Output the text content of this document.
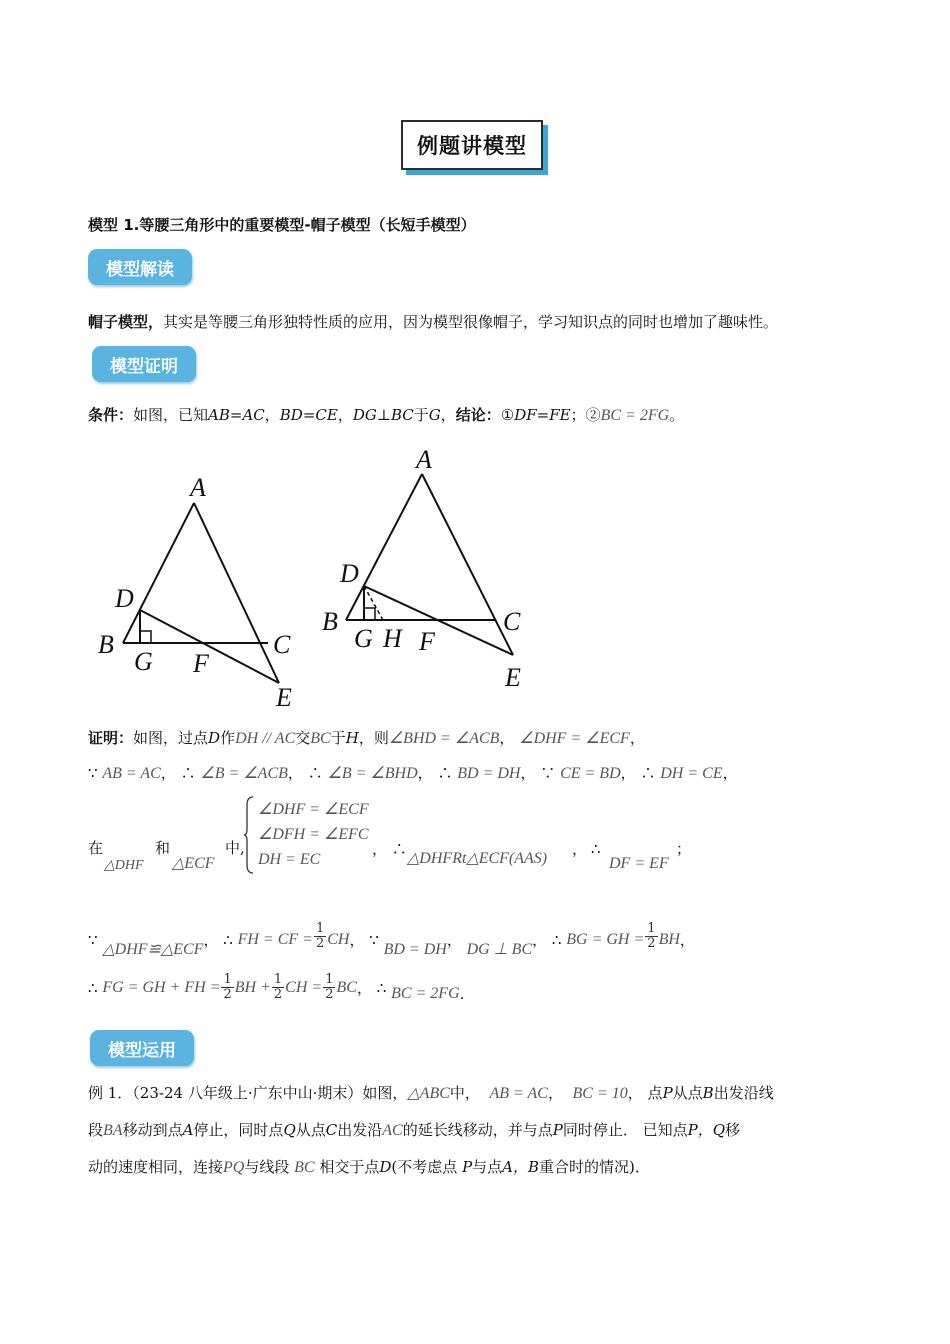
例题讲模型
模型 1.等腰三角形中的重要模型-帽子模型（长短手模型）
模型解读
帽子模型，其实是等腰三角形独特性质的应用，因为模型很像帽子，学习知识点的同时也增加了趣味性。
模型证明
条件：如图，已知AB=AC，BD=CE，DG⊥BC于G，结论：①DF=FE；②BC = 2FG。
A
D
B
G F
C
E
A
D
B
G H F
C
E
证明：如图，过点D作DH // AC交BC于H，则∠BHD = ∠ACB， ∠DHF = ∠ECF，
∵ AB = AC， ∴ ∠B = ∠ACB， ∴ ∠B = ∠BHD， ∴ BD = DH， ∵ CE = BD， ∴ DH = CE，
在
△DHF
和
△ECF
中,
∠DHF = ∠ECF
∠DFH = ∠EFC
DH = EC
， ∴
△DHFRt△ECF(AAS)
， ∴
DF = EF
；
∵

△DHF≌△ECF
，
∴
FH = CF = $\frac{1}{2}$ CH ，
∵

BD = DH
，

DG ⊥ BC
，
∴
BG = GH = $\frac{1}{2}$ BH ，
∴
FG = GH + FH = $\frac{1}{2}$ BH + $\frac{1}{2}$ CH = $\frac{1}{2}$ BC ，
∴
BC = 2FG .
模型运用
例 1．（23-24 八年级上·广东中山·期末）如图，△ABC中， AB = AC， BC = 10， 点P从点B出发沿线
段BA移动到点A停止，同时点Q从点C出发沿AC的延长线移动，并与点P同时停止． 已知点P，Q移
动的速度相同，连接PQ与线段 BC 相交于点D(不考虑点 P与点A，B重合时的情况)．
